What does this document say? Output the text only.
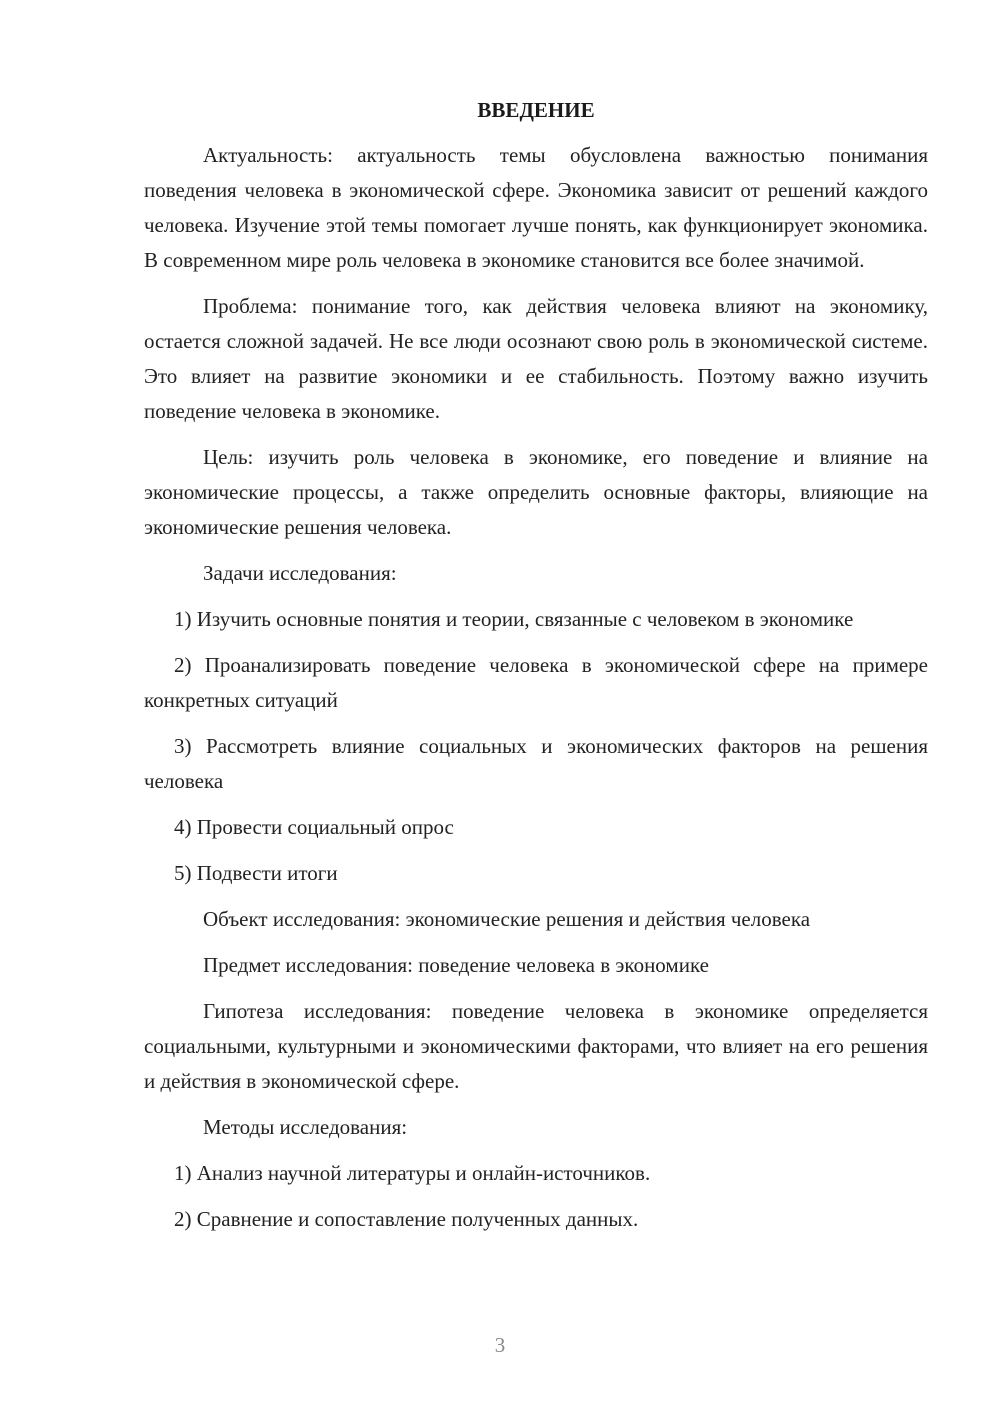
ВВЕДЕНИЕ

Актуальность: актуальность темы обусловлена важностью понимания поведения человека в экономической сфере. Экономика зависит от решений каждого человека. Изучение этой темы помогает лучше понять, как функционирует экономика. В современном мире роль человека в экономике становится все более значимой.

Проблема: понимание того, как действия человека влияют на экономику, остается сложной задачей. Не все люди осознают свою роль в экономической системе. Это влияет на развитие экономики и ее стабильность. Поэтому важно изучить поведение человека в экономике.

Цель: изучить роль человека в экономике, его поведение и влияние на экономические процессы, а также определить основные факторы, влияющие на экономические решения человека.

Задачи исследования:

1) Изучить основные понятия и теории, связанные с человеком в экономике

2) Проанализировать поведение человека в экономической сфере на примере конкретных ситуаций

3) Рассмотреть влияние социальных и экономических факторов на решения человека

4) Провести социальный опрос

5) Подвести итоги

Объект исследования: экономические решения и действия человека

Предмет исследования: поведение человека в экономике

Гипотеза исследования: поведение человека в экономике определяется социальными, культурными и экономическими факторами, что влияет на его решения и действия в экономической сфере.

Методы исследования:

1) Анализ научной литературы и онлайн-источников.

2) Сравнение и сопоставление полученных данных.

3
